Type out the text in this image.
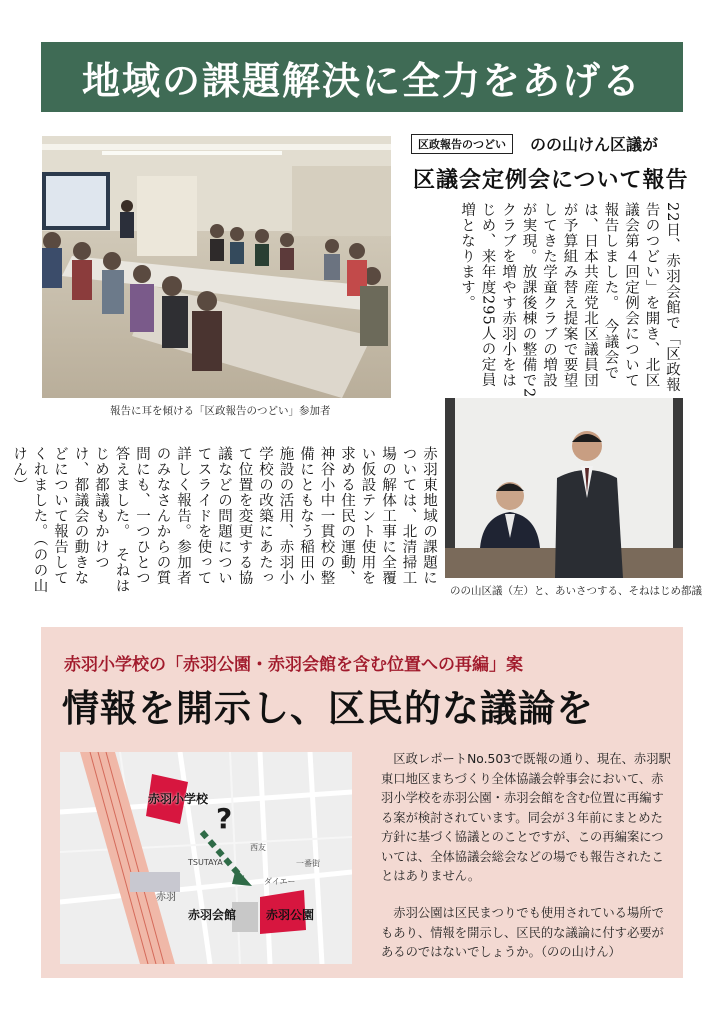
地域の課題解決に全力をあげる
報告に耳を傾ける「区政報告のつどい」参加者
区政報告のつどい	のの山けん区議が
区議会定例会について報告
22日、赤羽会館で「区政報告のつどい」を開き、北区議会第４回定例会について報告しました。　今議会では、日本共産党北区議員団が予算組み替え提案で要望してきた学童クラブの増設が実現。放課後棟の整備で2クラブを増やす赤羽小をはじめ、来年度295人の定員増となります。
赤羽東地域の課題については、北清掃工場の解体工事に全覆い仮設テント使用を求める住民の運動、神谷小中一貫校の整備にともなう稲田小施設の活用、赤羽小学校の改築にあたって位置を変更する協議などの問題についてスライドを使って詳しく報告。参加者のみなさんからの質問にも、一つひとつ答えました。　そねはじめ都議もかけつけ、都議会の動きなどについて報告してくれました。（のの山けん）
のの山区議（左）と、あいさつする、そねはじめ都議
赤羽小学校の「赤羽公園・赤羽会館を含む位置への再編」案
情報を開示し、区民的な議論を
赤羽小学校
?
赤羽会館 赤羽公園
赤羽
TSUTAYA
ダイエー
西友
一番街
区政レポートNo.503で既報の通り、現在、赤羽駅東口地区まちづくり全体協議会幹事会において、赤羽小学校を赤羽公園・赤羽会館を含む位置に再編する案が検討されています。同会が３年前にまとめた方針に基づく協議とのことですが、この再編案については、全体協議会総会などの場でも報告されたことはありません。
赤羽公園は区民まつりでも使用されている場所でもあり、情報を開示し、区民的な議論に付す必要があるのではないでしょうか。（のの山けん）
